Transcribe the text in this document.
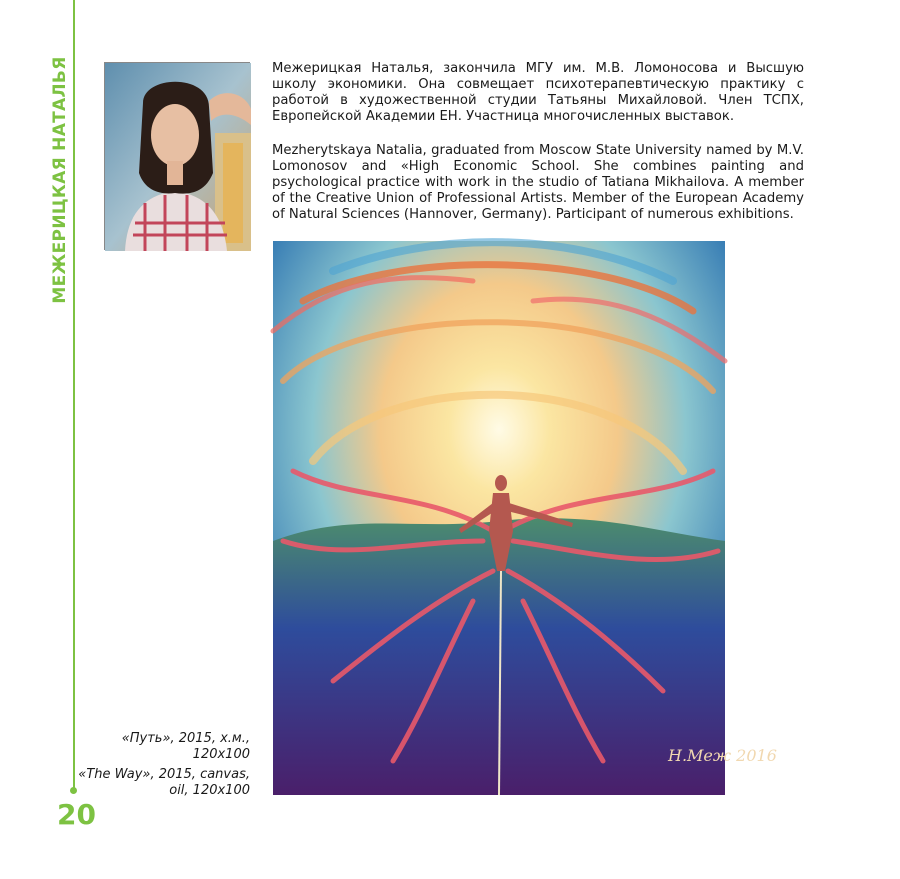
МЕЖЕРИЦКАЯ НАТАЛЬЯ
20

Межерицкая Наталья, закончила МГУ им. М.В. Ломоносова и Высшую школу экономики. Она совмещает психотерапевтическую практику с работой в художественной студии Татьяны Михайловой. Член ТСПХ, Европейской Академии ЕН. Участница многочисленных выставок.

Mezherytskaya Natalia, graduated from Moscow State University named by M.V. Lomonosov and «High Economic School. She combines painting and psychological practice with work in the studio of Tatiana Mikhailova. A member of the Creative Union of Professional Artists. Member of the European Academy of Natural Sciences (Hannover, Germany). Participant of numerous exhibitions.

Н.Меж 2016

«Путь», 2015, х.м., 120x100

«The Way», 2015, canvas, oil, 120x100
